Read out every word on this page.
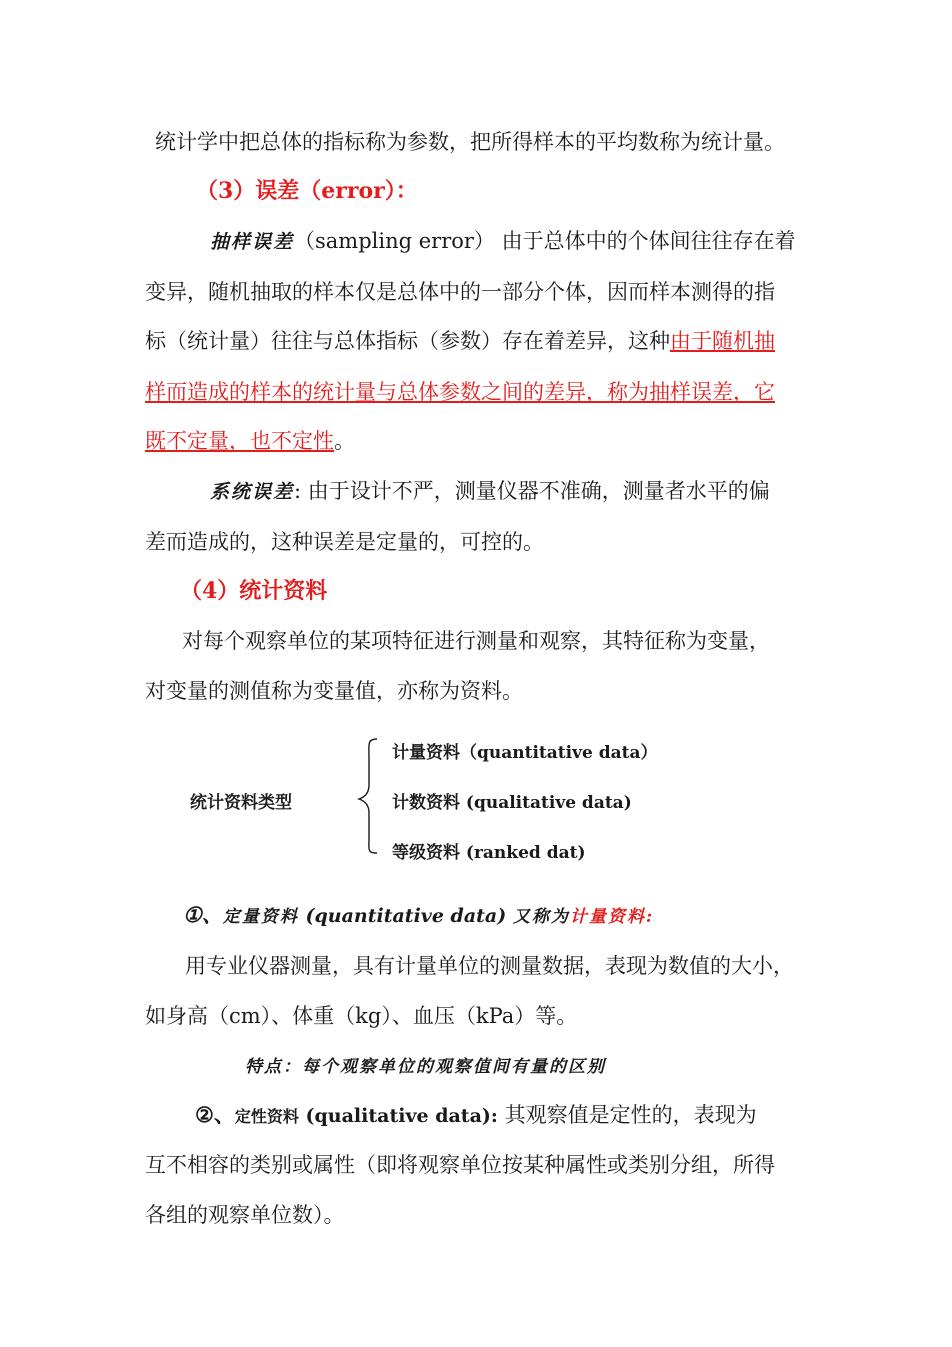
统计学中把总体的指标称为参数，把所得样本的平均数称为统计量。
（3）误差（error）：
抽样误差（sampling error） 由于总体中的个体间往往存在着
变异，随机抽取的样本仅是总体中的一部分个体，因而样本测得的指
标（统计量）往往与总体指标（参数）存在着差异，这种由于随机抽
样而造成的样本的统计量与总体参数之间的差异，称为抽样误差，它
既不定量，也不定性。
系统误差: 由于设计不严，测量仪器不准确，测量者水平的偏
差而造成的，这种误差是定量的，可控的。
（4）统计资料
对每个观察单位的某项特征进行测量和观察，其特征称为变量，
对变量的测值称为变量值，亦称为资料。
统计资料类型
计量资料（quantitative data）
计数资料 (qualitative data)
等级资料 (ranked dat)
①、定量资料 (quantitative data) 又称为计量资料:
用专业仪器测量，具有计量单位的测量数据，表现为数值的大小，
如身高（cm）、体重（kg）、血压（kPa）等。
特点：每个观察单位的观察值间有量的区别
②、定性资料 (qualitative data): 其观察值是定性的，表现为
互不相容的类别或属性（即将观察单位按某种属性或类别分组，所得
各组的观察单位数）。
